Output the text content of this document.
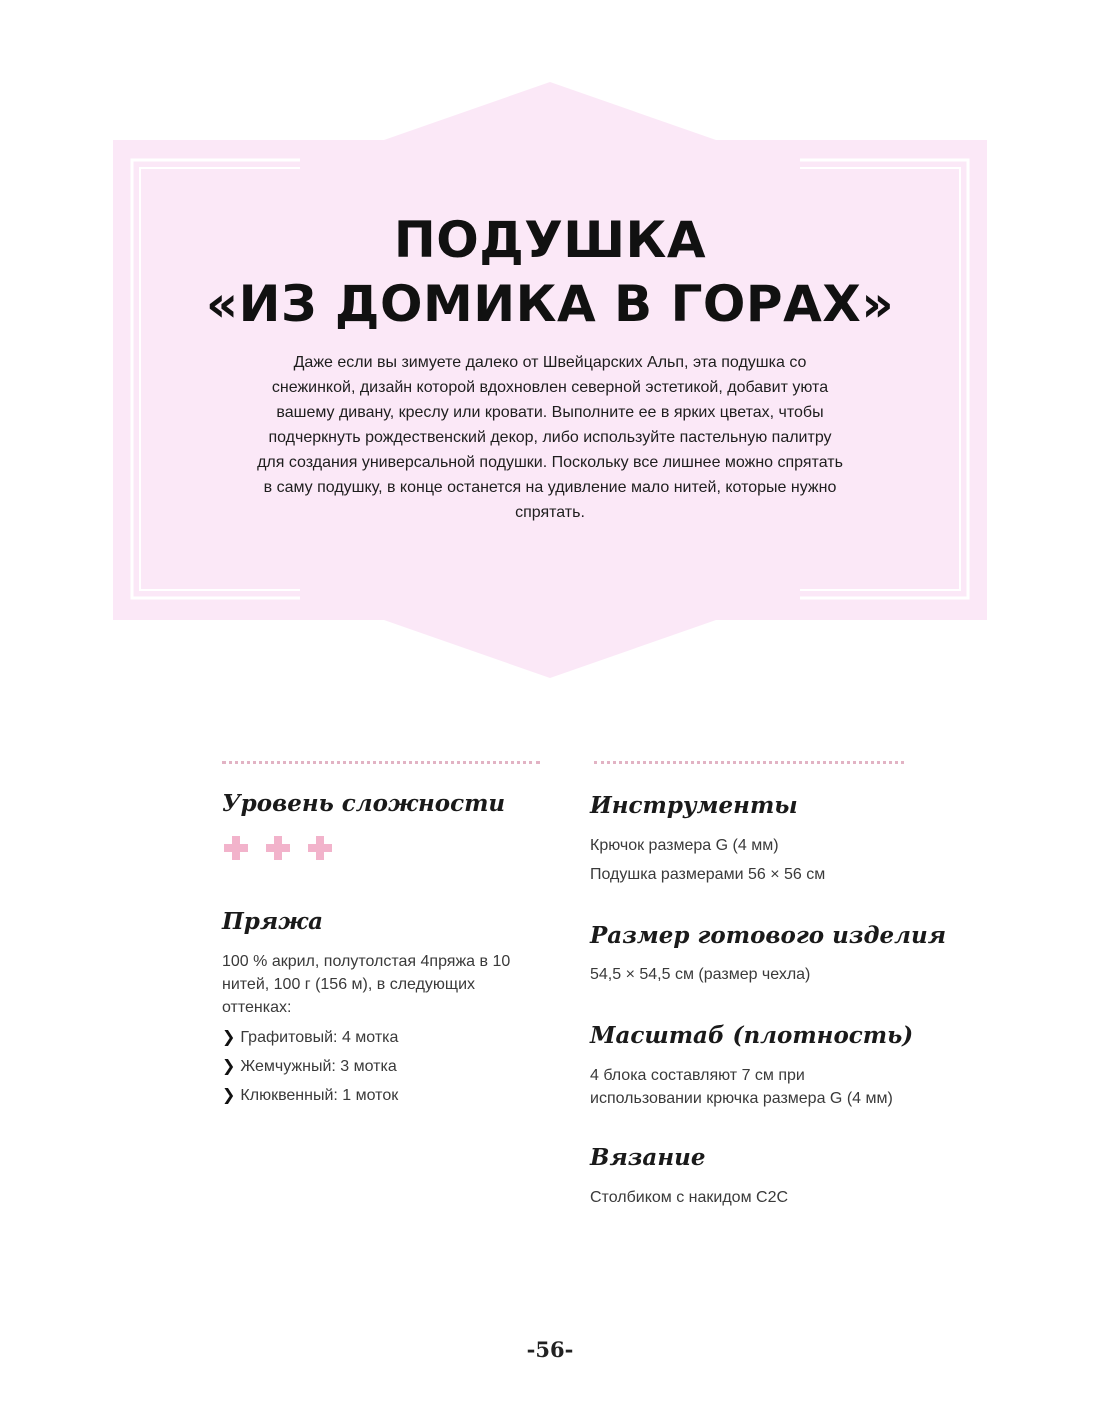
ПОДУШКА
«ИЗ ДОМИКА В ГОРАХ»

Даже если вы зимуете далеко от Швейцарских Альп, эта подушка со снежинкой, дизайн которой вдохновлен северной эстетикой, добавит уюта вашему дивану, креслу или кровати. Выполните ее в ярких цветах, чтобы подчеркнуть рождественский декор, либо используйте пастельную палитру для создания универсальной подушки. Поскольку все лишнее можно спрятать в саму подушку, в конце останется на удивление мало нитей, которые нужно спрятать.

Уровень сложности
Пряжа

100 % акрил, полутолстая 4пряжа в 10 нитей, 100 г (156 м), в следующих оттенках:

❯ Графитовый: 4 мотка
❯ Жемчужный: 3 мотка
❯ Клюквенный: 1 моток
Инструменты

Крючок размера G (4 мм)

Подушка размерами 56 × 56 см

Размер готового изделия

54,5 × 54,5 см (размер чехла)

Масштаб (плотность)

4 блока составляют 7 см при использовании крючка размера G (4 мм)

Вязание

Столбиком с накидом С2С

-56-
